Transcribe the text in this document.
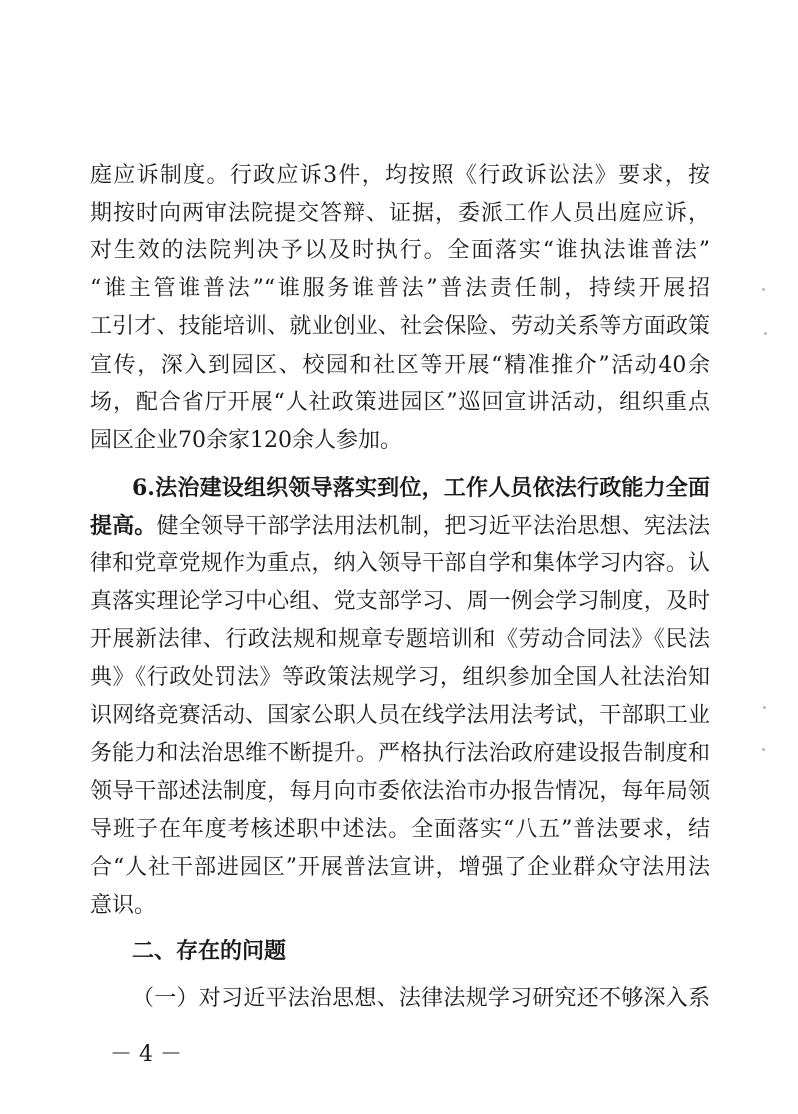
庭应诉制度。行政应诉3件，均按照《行政诉讼法》要求，按
期按时向两审法院提交答辩、证据，委派工作人员出庭应诉，
对生效的法院判决予以及时执行。全面落实“谁执法谁普法”
“谁主管谁普法”“谁服务谁普法”普法责任制，持续开展招
工引才、技能培训、就业创业、社会保险、劳动关系等方面政策
宣传，深入到园区、校园和社区等开展“精准推介”活动40余
场，配合省厅开展“人社政策进园区”巡回宣讲活动，组织重点
园区企业70余家120余人参加。
6.法治建设组织领导落实到位，工作人员依法行政能力全面
提高。健全领导干部学法用法机制，把习近平法治思想、宪法法
律和党章党规作为重点，纳入领导干部自学和集体学习内容。认
真落实理论学习中心组、党支部学习、周一例会学习制度，及时
开展新法律、行政法规和规章专题培训和《劳动合同法》《民法
典》《行政处罚法》等政策法规学习，组织参加全国人社法治知
识网络竞赛活动、国家公职人员在线学法用法考试，干部职工业
务能力和法治思维不断提升。严格执行法治政府建设报告制度和
领导干部述法制度，每月向市委依法治市办报告情况，每年局领
导班子在年度考核述职中述法。全面落实“八五”普法要求，结
合“人社干部进园区”开展普法宣讲，增强了企业群众守法用法
意识。
二、存在的问题
（一）对习近平法治思想、法律法规学习研究还不够深入系
－ 4 －
